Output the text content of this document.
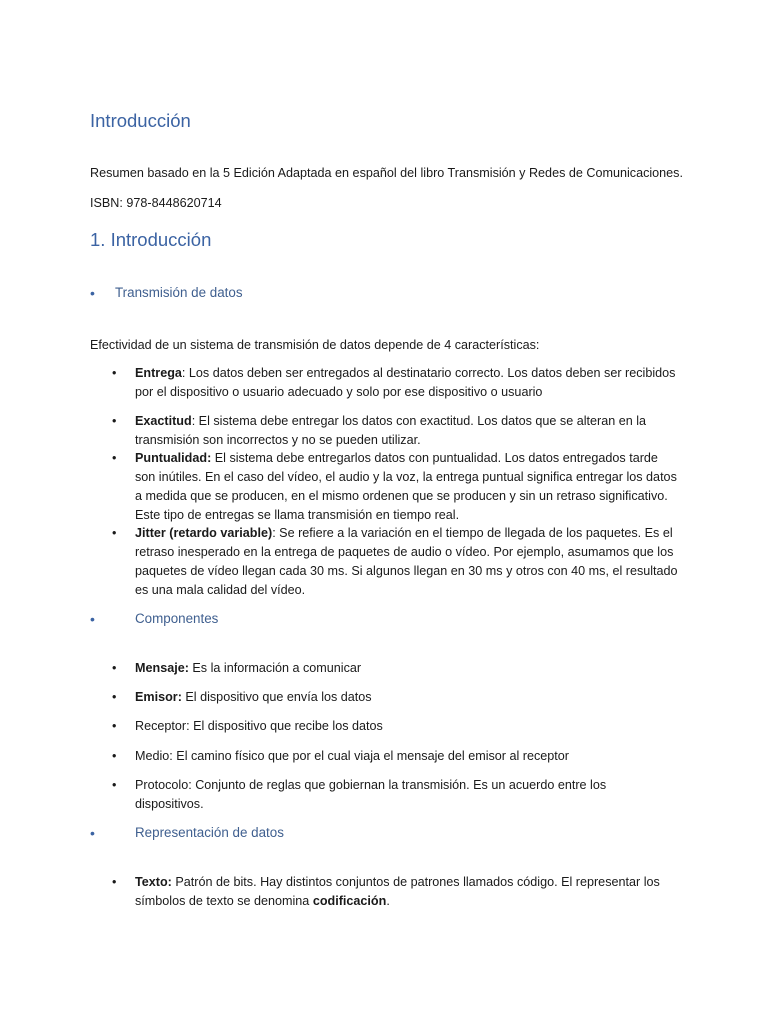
Introducción

Resumen basado en la 5 Edición Adaptada en español del libro Transmisión y Redes de Comunicaciones.

ISBN: 978-8448620714

1. Introducción
• Transmisión de datos

Efectividad de un sistema de transmisión de datos depende de 4 características:

• Entrega: Los datos deben ser entregados al destinatario correcto. Los datos deben ser recibidos
por el dispositivo o usuario adecuado y solo por ese dispositivo o usuario
• Exactitud: El sistema debe entregar los datos con exactitud. Los datos que se alteran en la
transmisión son incorrectos y no se pueden utilizar.
• Puntualidad: El sistema debe entregarlos datos con puntualidad. Los datos entregados tarde
son inútiles. En el caso del vídeo, el audio y la voz, la entrega puntual significa entregar los datos
a medida que se producen, en el mismo ordenen que se producen y sin un retraso significativo.
Este tipo de entregas se llama transmisión en tiempo real.
• Jitter (retardo variable): Se refiere a la variación en el tiempo de llegada de los paquetes. Es el
retraso inesperado en la entrega de paquetes de audio o vídeo. Por ejemplo, asumamos que los
paquetes de vídeo llegan cada 30 ms. Si algunos llegan en 30 ms y otros con 40 ms, el resultado
es una mala calidad del vídeo.
•	Componentes
• Mensaje: Es la información a comunicar
• Emisor: El dispositivo que envía los datos
• Receptor: El dispositivo que recibe los datos
• Medio: El camino físico que por el cual viaja el mensaje del emisor al receptor
• Protocolo: Conjunto de reglas que gobiernan la transmisión. Es un acuerdo entre los
dispositivos.
•	Representación de datos
• Texto: Patrón de bits. Hay distintos conjuntos de patrones llamados código. El representar los
símbolos de texto se denomina codificación.
